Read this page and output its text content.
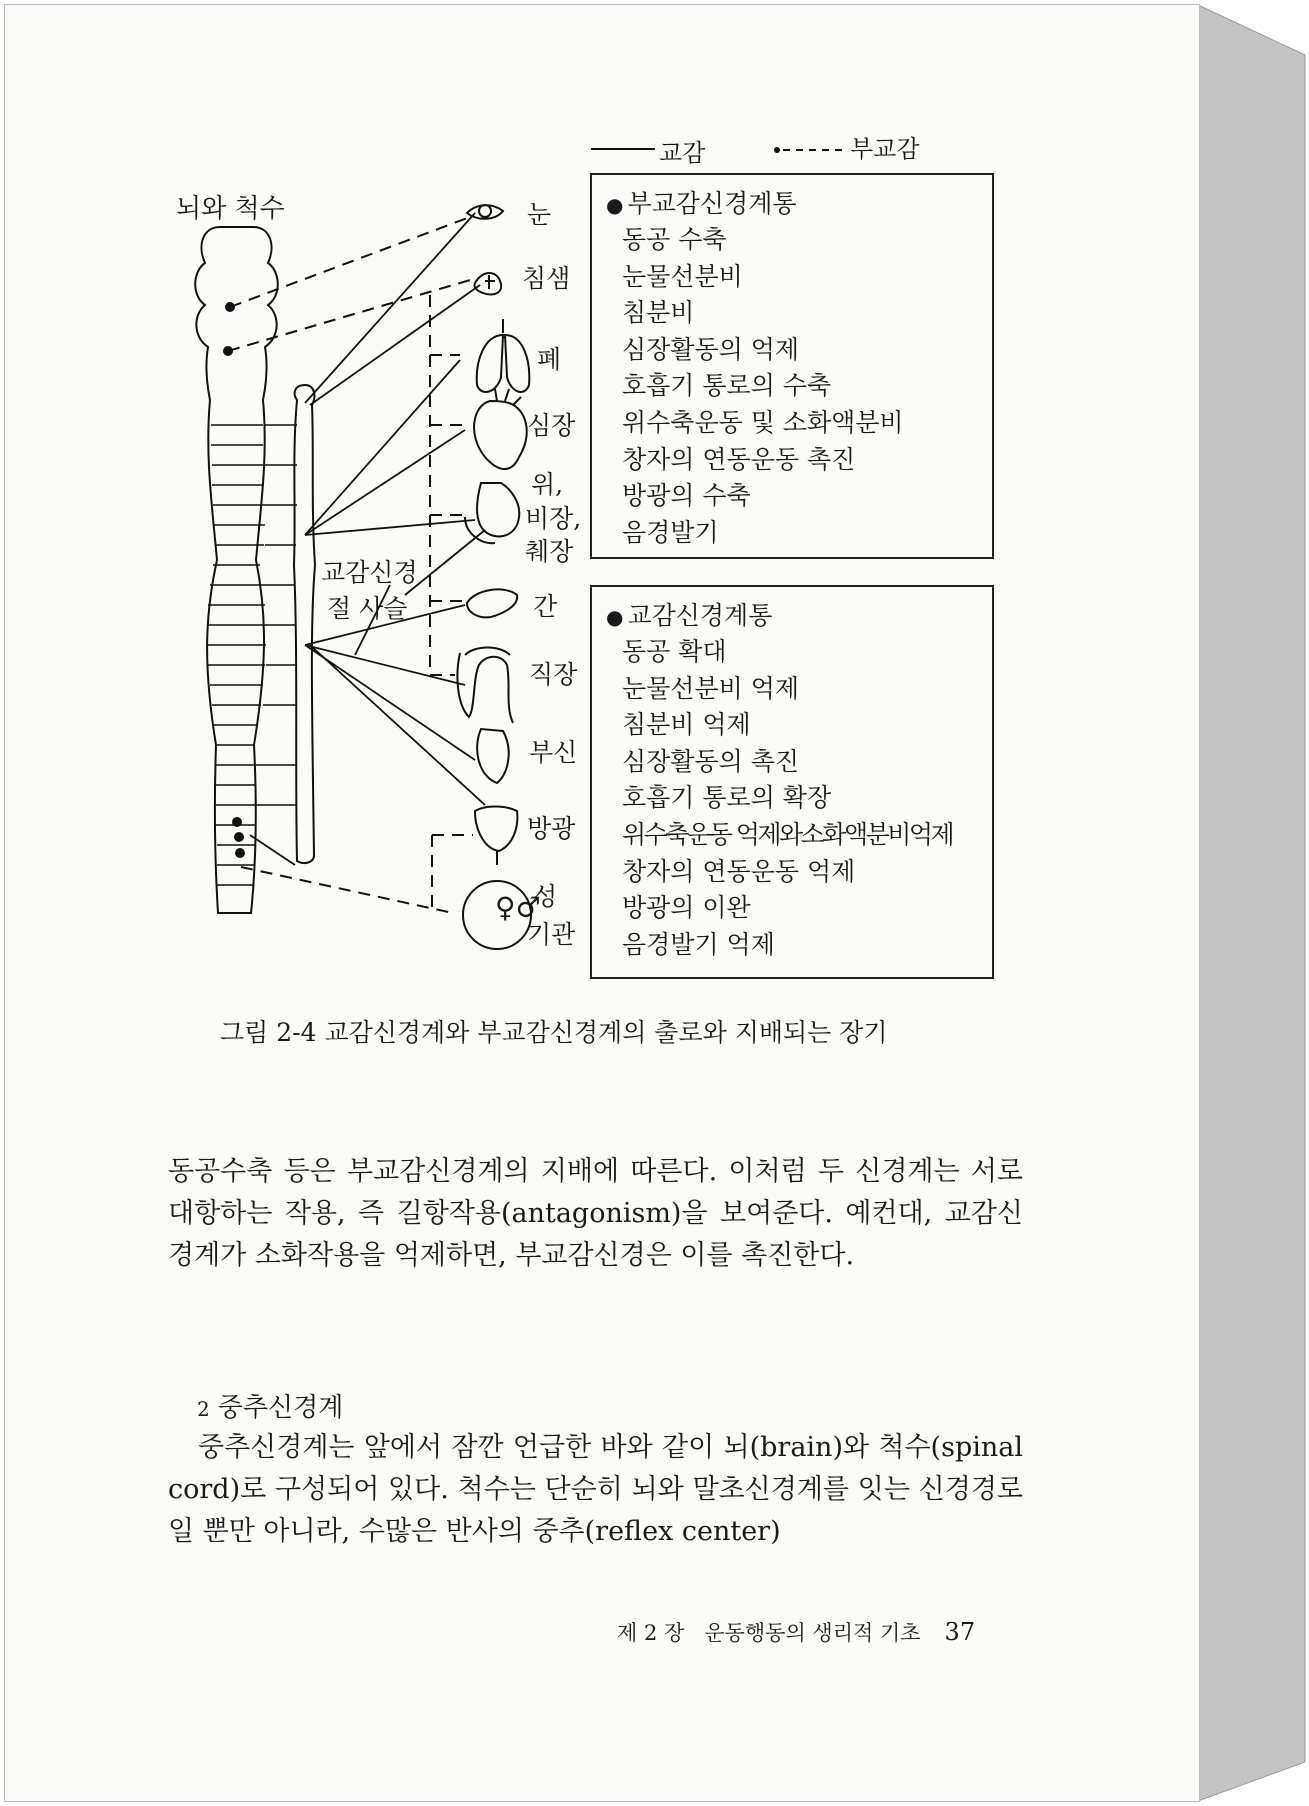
교감	부교감
♀♂
뇌와 척수
교감신경
절 사슬
눈
침샘
폐
심장
위,
비장,
췌장
간
직장
부신
방광
성
기관
● 부교감신경계통
동공 수축
눈물선분비
침분비
심장활동의 억제
호흡기 통로의 수축
위수축운동 및 소화액분비
창자의 연동운동 촉진
방광의 수축
음경발기
● 교감신경계통
동공 확대
눈물선분비 억제
침분비 억제
심장활동의 촉진
호흡기 통로의 확장
위수축운동 억제와소화액분비억제
창자의 연동운동 억제
방광의 이완
음경발기 억제
그림 2-4 교감신경계와 부교감신경계의 출로와 지배되는 장기

동공수축 등은 부교감신경계의 지배에 따른다. 이처럼 두 신경계는 서로 대항하는 작용, 즉 길항작용(antagonism)을 보여준다. 예컨대, 교감신경계가 소화작용을 억제하면, 부교감신경은 이를 촉진한다.

2 중추신경계

중추신경계는 앞에서 잠깐 언급한 바와 같이 뇌(brain)와 척수(spinal cord)로 구성되어 있다. 척수는 단순히 뇌와 말초신경계를 잇는 신경경로일 뿐만 아니라, 수많은 반사의 중추(reflex center)

제 2 장 운동행동의 생리적 기초 37
